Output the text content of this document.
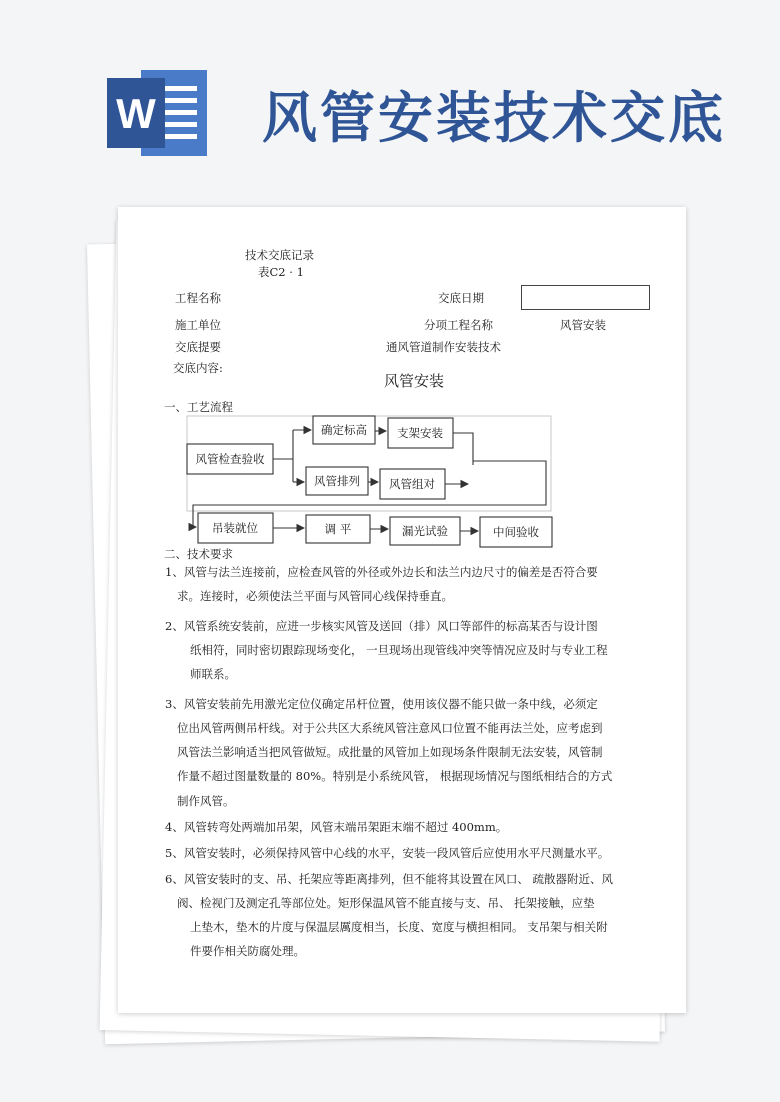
W 风管安装技术交底
技术交底记录
表C2 · 1
工程名称	交底日期
施工单位	分项工程名称	风管安装
交底提要	通风管道制作安装技术
交底内容:
风管安装
一、工艺流程
风管检查验收
确定标高	支架安装
风管排列	风管组对
吊装就位	调 平	漏光试验	中间验收
二、技术要求
1、风管与法兰连接前，应检查风管的外径或外边长和法兰内边尺寸的偏差是否符合要
求。连接时，必须使法兰平面与风管同心线保持垂直。
2、风管系统安装前，应进一步核实风管及送回（排）风口等部件的标高某否与设计图
纸相符，同时密切跟踪现场变化， 一旦现场出现管线冲突等情况应及时与专业工程
师联系。
3、风管安装前先用激光定位仪确定吊杆位置，使用该仪器不能只做一条中线，必须定
位出风管两侧吊杆线。对于公共区大系统风管注意风口位置不能再法兰处，应考虑到
风管法兰影响适当把风管做短。成批量的风管加上如现场条件限制无法安装，风管制
作量不超过图量数量的 80%。特别是小系统风管， 根据现场情况与图纸相结合的方式
制作风管。
4、风管转弯处两端加吊架，风管末端吊架距末端不超过 400mm。
5、风管安装时，必须保持风管中心线的水平，安装一段风管后应使用水平尺测量水平。
6、风管安装时的支、吊、托架应等距离排列，但不能将其设置在风口、 疏散器附近、风
阀、检视门及测定孔等部位处。矩形保温风管不能直接与支、吊、 托架接触，应垫
上垫木，垫木的片度与保温层厲度相当，长度、宽度与横担相同。 支吊架与相关附
件要作相关防腐处理。
